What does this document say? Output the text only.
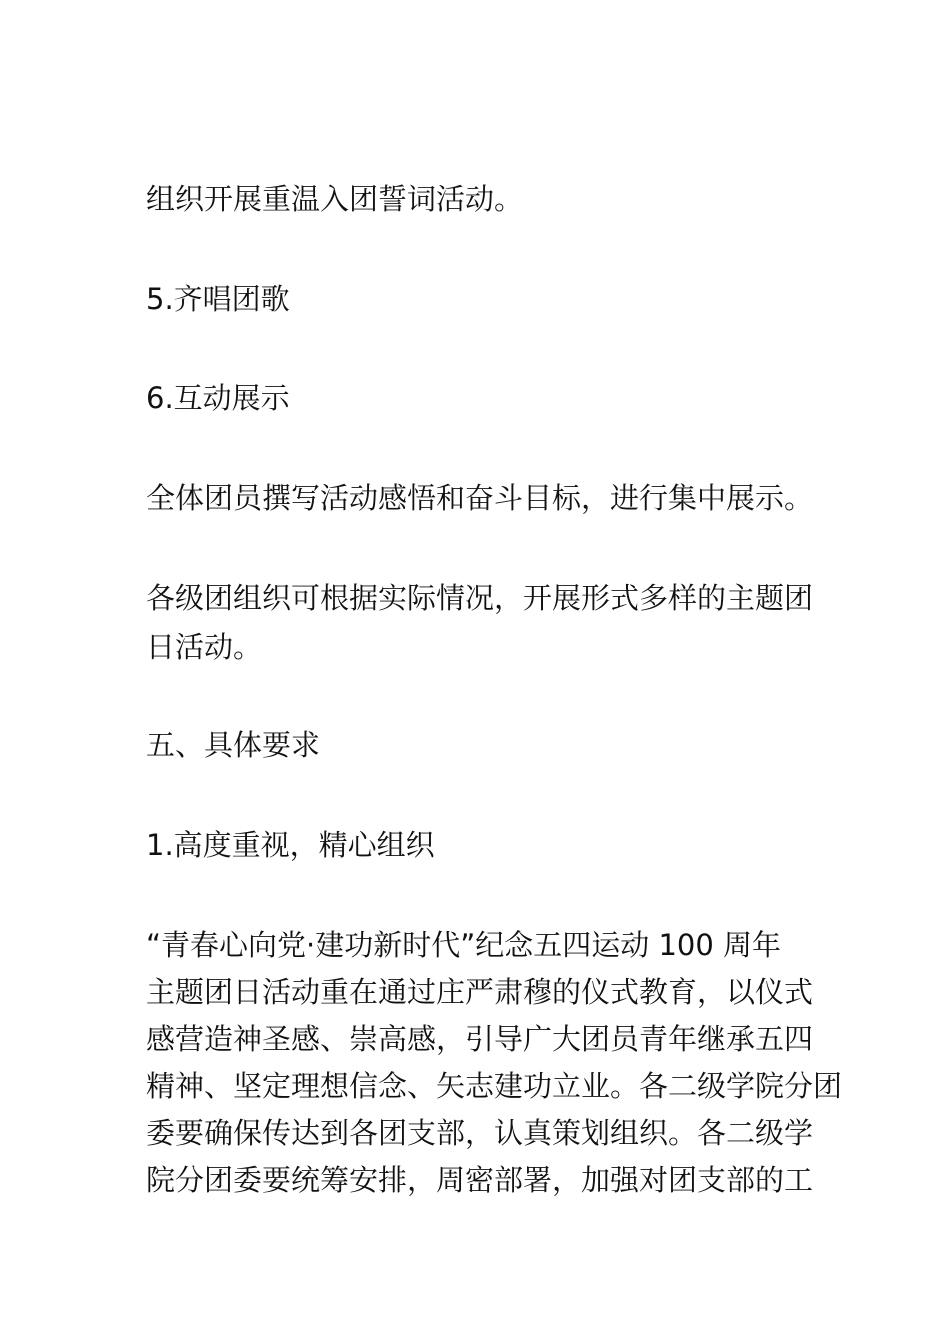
组织开展重温入团誓词活动。

5.齐唱团歌

6.互动展示

全体团员撰写活动感悟和奋斗目标，进行集中展示。

各级团组织可根据实际情况，开展形式多样的主题团
日活动。

五、具体要求

1.高度重视，精心组织

“青春心向党·建功新时代”纪念五四运动 100 周年
主题团日活动重在通过庄严肃穆的仪式教育，以仪式
感营造神圣感、崇高感，引导广大团员青年继承五四
精神、坚定理想信念、矢志建功立业。各二级学院分团
委要确保传达到各团支部，认真策划组织。各二级学
院分团委要统筹安排，周密部署，加强对团支部的工
